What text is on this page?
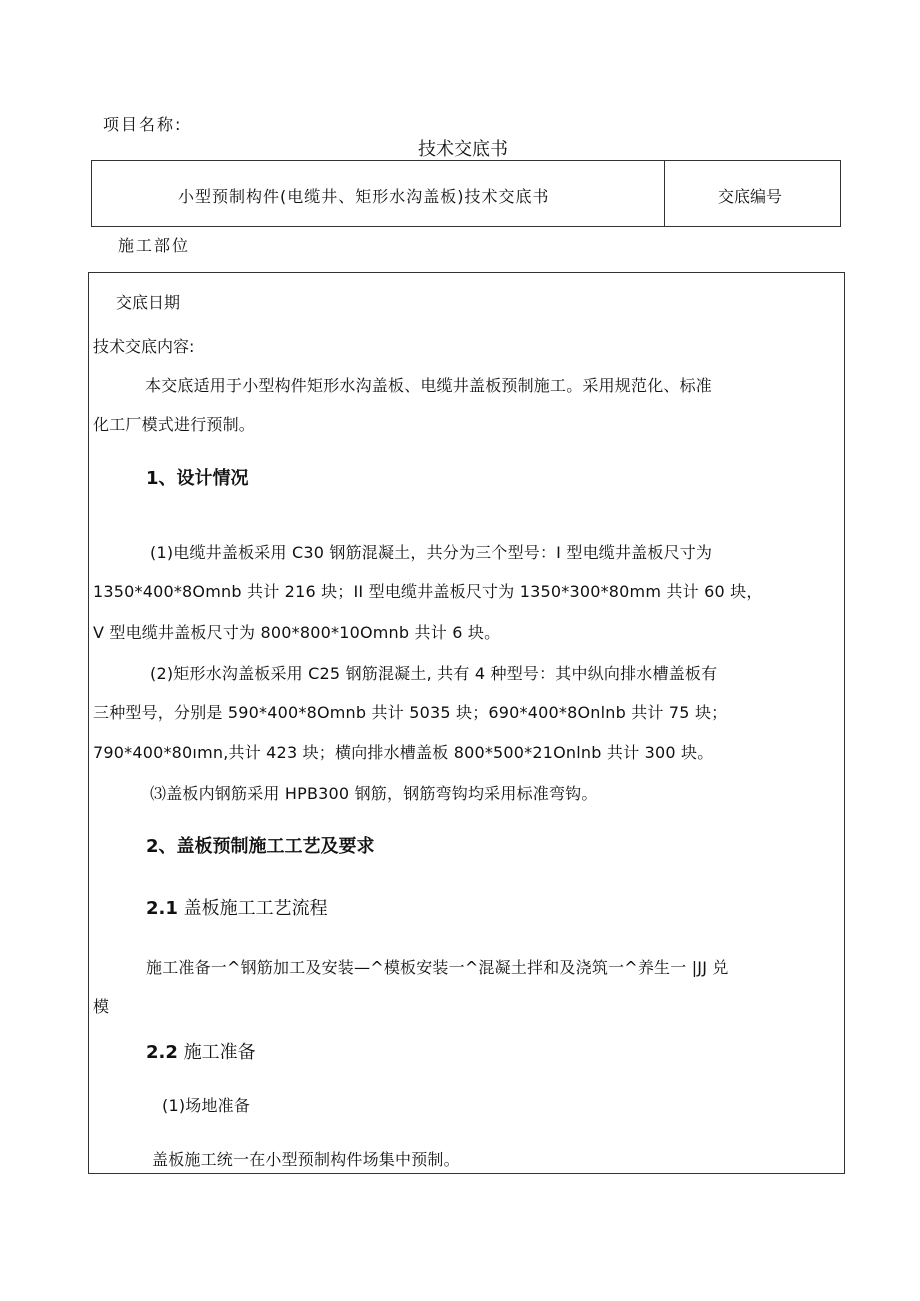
项目名称:
技术交底书
小型预制构件(电缆井、矩形水沟盖板)技术交底书	交底编号
施工部位
交底日期
技术交底内容:
本交底适用于小型构件矩形水沟盖板、电缆井盖板预制施工。采用规范化、标准
化工厂模式进行预制。
1、设计情况
(1)电缆井盖板采用 C30 钢筋混凝土，共分为三个型号：I 型电缆井盖板尺寸为
1350*400*8Omnb 共计 216 块；II 型电缆井盖板尺寸为 1350*300*80mm 共计 60 块，
V 型电缆井盖板尺寸为 800*800*10Omnb 共计 6 块。
(2)矩形水沟盖板采用 C25 钢筋混凝土, 共有 4 种型号：其中纵向排水槽盖板有
三种型号，分别是 590*400*8Omnb 共计 5035 块；690*400*8Onlnb 共计 75 块；
790*400*80ımn,共计 423 块；横向排水槽盖板 800*500*21Onlnb 共计 300 块。
⑶盖板内钢筋采用 HPB300 钢筋，钢筋弯钩均采用标准弯钩。
2、盖板预制施工工艺及要求
2.1 盖板施工工艺流程
施工准备一^钢筋加工及安装—^模板安装一^混凝土拌和及浇筑一^养生一 |JJ 兑
模
2.2 施工准备
(1)场地准备
盖板施工统一在小型预制构件场集中预制。
